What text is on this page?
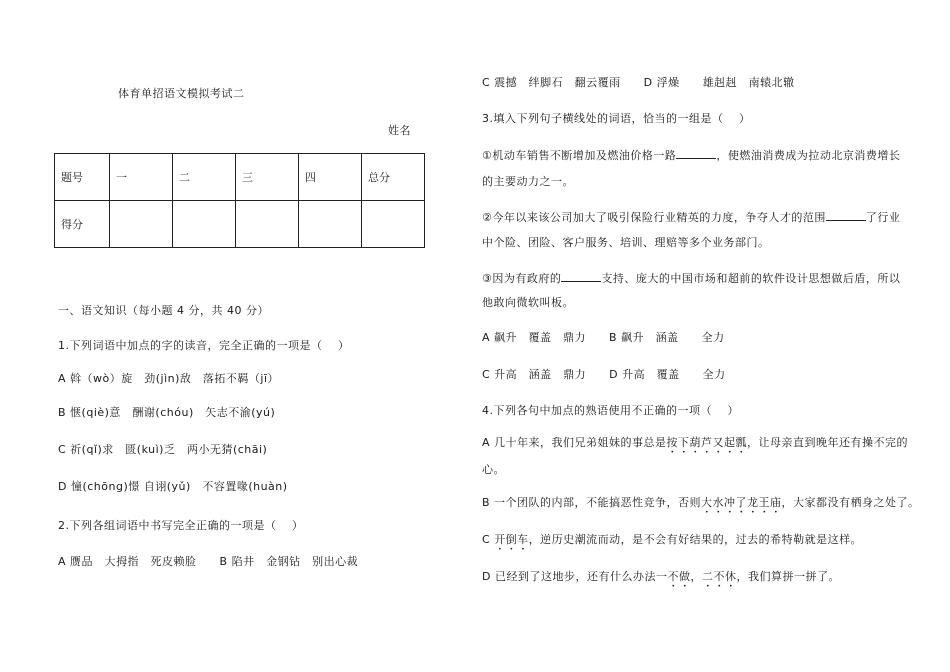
体育单招语文模拟考试二
姓名
题号	一	二	三	四	总分
得分					
一、语文知识（每小题 4 分，共 40 分）
1.下列词语中加点的字的读音，完全正确的一项是（　 ）
A 斡（wò）旋　劲(jìn)敌　落拓不羁（jī）
B 惬(qiè)意　酬谢(chóu)　矢志不渝(yú)
C 祈(qǐ)求　匮(kuì)乏　两小无猜(chāi)
D 憧(chōng)憬 自诩(yǔ)　不容置喙(huàn)
2.下列各组词语中书写完全正确的一项是（　 ）
A 赝品　大拇指　死皮赖脸　　B 陷井　金钢钻　别出心裁
C 震撼　绊脚石　翻云覆雨　　D 浮燥　　雄赳赳　南辕北辙
3.填入下列句子横线处的词语，恰当的一组是（　 ）
①机动车销售不断增加及燃油价格一路	，使燃油消费成为拉动北京消费增长
的主要动力之一。
②今年以来该公司加大了吸引保险行业精英的力度，争夺人才的范围	了行业
中个险、团险、客户服务、培训、理赔等多个业务部门。
③因为有政府的	支持、庞大的中国市场和超前的软件设计思想做后盾，所以
他敢向微软叫板。
A 飙升　覆盖　鼎力　　B 飙升　涵盖　　全力
C 升高　涵盖　鼎力　　D 升高　覆盖　　全力
4.下列各句中加点的熟语使用不正确的一项（　 ）
A 几十年来，我们兄弟姐妹的事总是按下葫芦又起瓢，让母亲直到晚年还有操不完的
心。
B 一个团队的内部，不能搞恶性竞争，否则大水冲了龙王庙，大家都没有栖身之处了。
C 开倒车，逆历史潮流而动，是不会有好结果的，过去的希特勒就是这样。
D 已经到了这地步，还有什么办法一不做，二不休，我们算拼一拼了。
